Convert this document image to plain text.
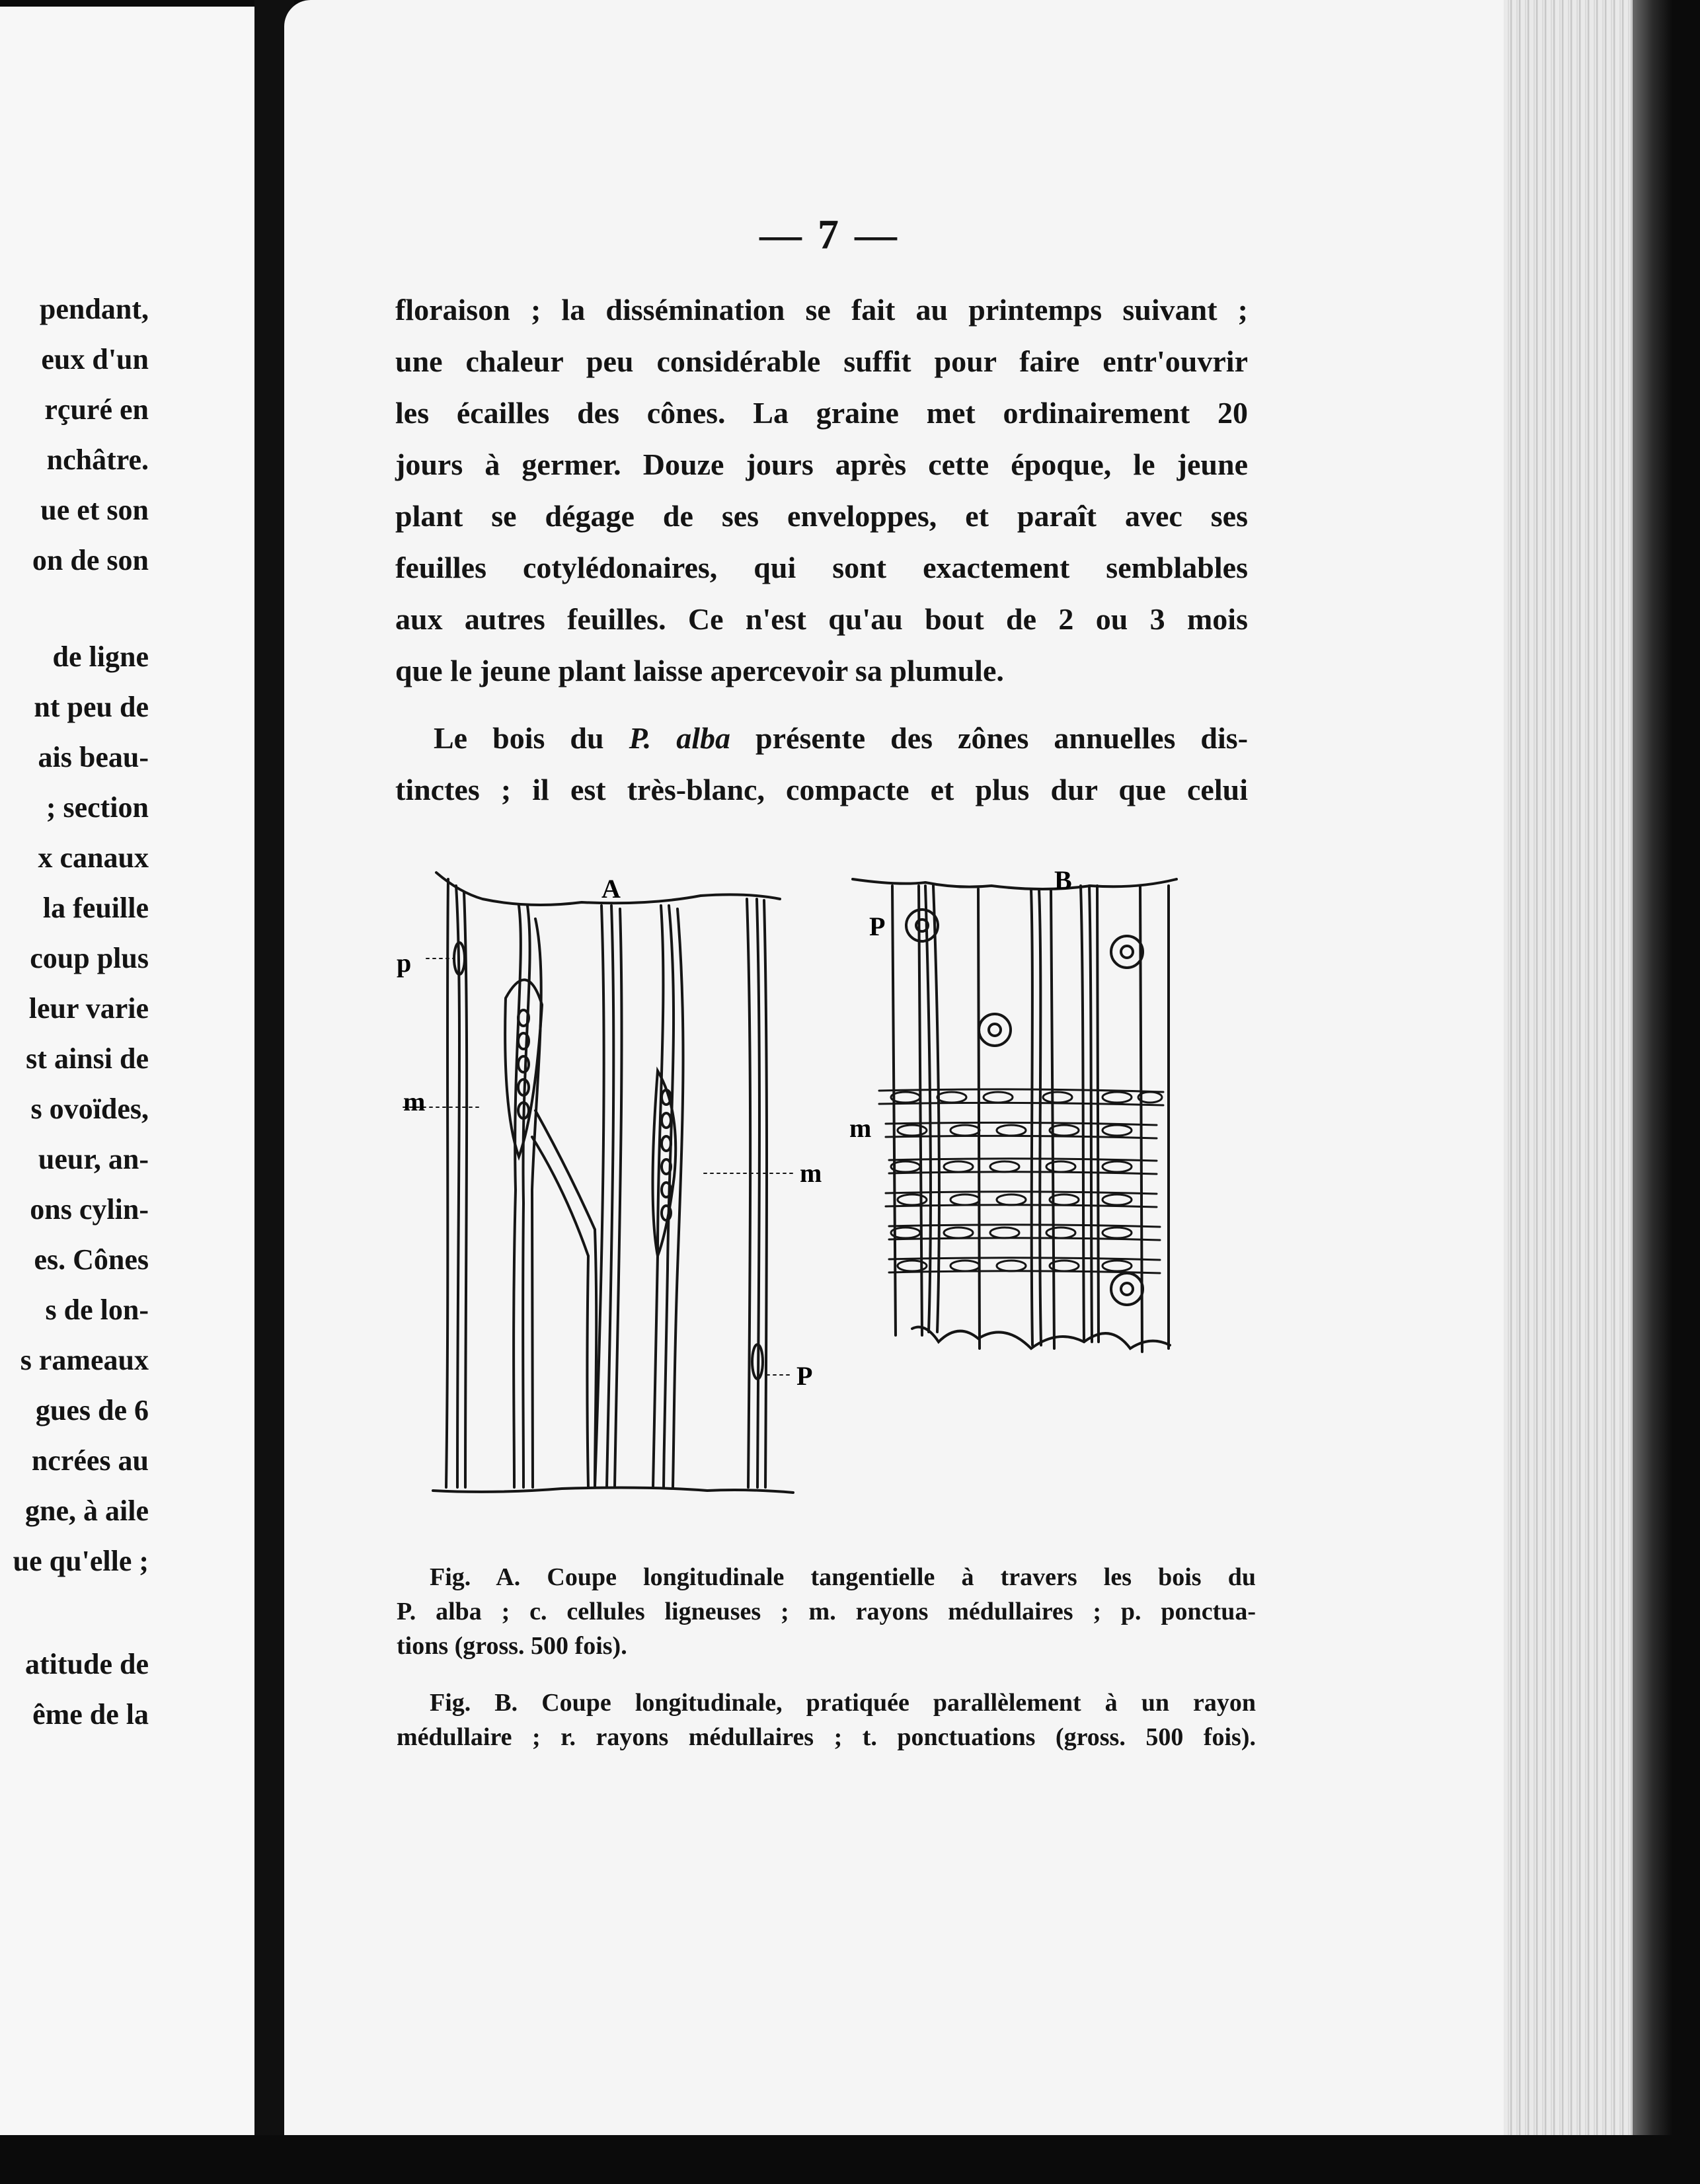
pendant,
eux d'un
rçuré en
nchâtre.
ue et son
on de son
de ligne
nt peu de
ais beau-
; section
x canaux
la feuille
coup plus
leur varie
st ainsi de
s ovoïdes,
ueur, an-
ons cylin-
es. Cônes
s de lon-
s rameaux
gues de 6
ncrées au
gne, à aile
ue qu'elle ;
atitude de
ême de la
— 7 —
floraison ; la dissémination se fait au printemps suivant ;
une chaleur peu considérable suffit pour faire entr'ouvrir
les écailles des cônes. La graine met ordinairement 20
jours à germer. Douze jours après cette époque, le jeune
plant se dégage de ses enveloppes, et paraît avec ses
feuilles cotylédonaires, qui sont exactement semblables
aux autres feuilles. Ce n'est qu'au bout de 2 ou 3 mois
que le jeune plant laisse apercevoir sa plumule.
Le bois du P. alba présente des zônes annuelles dis-
tinctes ; il est très-blanc, compacte et plus dur que celui
A
p
m
m
P
B
P
m
Fig. A. Coupe longitudinale tangentielle à travers les bois du
P. alba ; c. cellules ligneuses ; m. rayons médullaires ; p. ponctua-
tions (gross. 500 fois).
Fig. B. Coupe longitudinale, pratiquée parallèlement à un rayon
médullaire ; r. rayons médullaires ; t. ponctuations (gross. 500 fois).
